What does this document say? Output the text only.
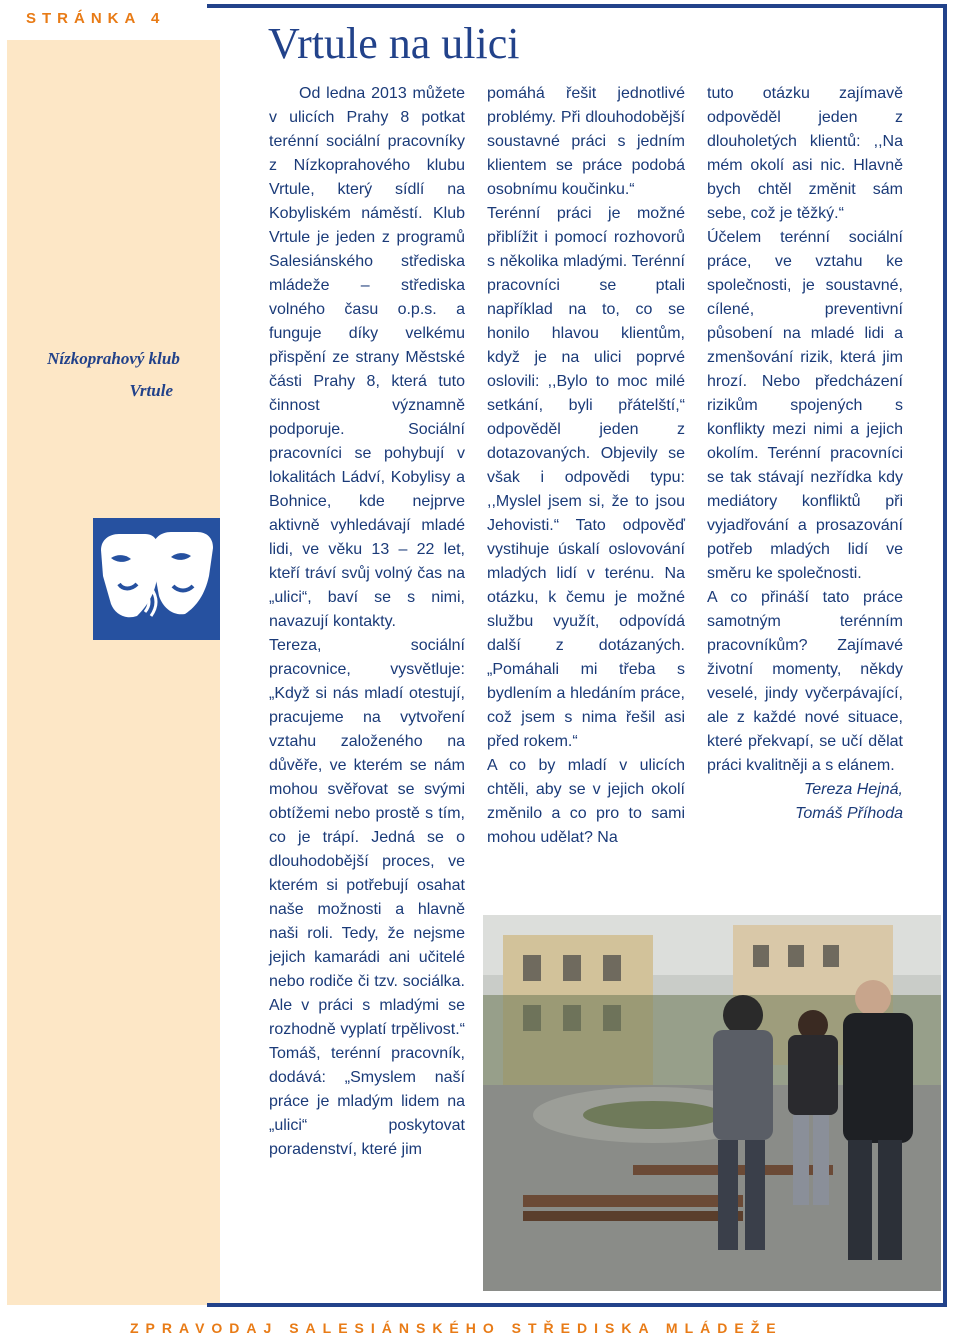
STRÁNKA 4
Nízkoprahový klub
Vrtule
Vrtule na ulici

Od ledna 2013 můžete v ulicích Prahy 8 potkat terénní sociální pracovníky z Nízkoprahového klubu Vrtule, který sídlí na Kobyliském náměstí. Klub Vrtule je jeden z programů Salesiánského střediska mládeže – střediska volného času o.p.s. a funguje díky velkému přispění ze strany Městské části Prahy 8, která tuto činnost významně podporuje. Sociální pracovníci se pohybují v lokalitách Ládví, Kobylisy a Bohnice, kde nejprve aktivně vyhledávají mladé lidi, ve věku 13 – 22 let, kteří tráví svůj volný čas na „ulici“, baví se s nimi, navazují kontakty.

Tereza, sociální pracovnice, vysvětluje: „Když si nás mladí otestují, pracujeme na vytvoření vztahu založeného na důvěře, ve kterém se nám mohou svěřovat se svými obtížemi nebo prostě s tím, co je trápí. Jedná se o dlouhodobější proces, ve kterém si potřebují osahat naše možnosti a hlavně naši roli. Tedy, že nejsme jejich kamarádi ani učitelé nebo rodiče či tzv. sociálka. Ale v práci s mladými se rozhodně vyplatí trpělivost.“ Tomáš, terénní pracovník, dodává: „Smyslem naší práce je mladým lidem na „ulici“ poskytovat poradenství, které jim

pomáhá řešit jednotlivé problémy. Při dlouhodobější soustavné práci s jedním klientem se práce podobá osobnímu koučinku.“

Terénní práci je možné přiblížit i pomocí rozhovorů s několika mladými. Terénní pracovníci se ptali například na to, co se honilo hlavou klientům, když je na ulici poprvé oslovili: ,,Bylo to moc milé setkání, byli přátelští,“ odpověděl jeden z dotazovaných. Objevily se však i odpovědi typu: ,,Myslel jsem si, že to jsou Jehovisti.“ Tato odpověď vystihuje úskalí oslovování mladých lidí v terénu. Na otázku, k čemu je možné službu využít, odpovídá další z dotázaných. „Pomáhali mi třeba s bydlením a hledáním práce, což jsem s nima řešil asi před rokem.“

A co by mladí v ulicích chtěli, aby se v jejich okolí změnilo a co pro to sami mohou udělat? Na

tuto otázku zajímavě odpověděl jeden z dlouholetých klientů: ,,Na mém okolí asi nic. Hlavně bych chtěl změnit sám sebe, což je těžký.“

Účelem terénní sociální práce, ve vztahu ke společnosti, je soustavné, cílené, preventivní působení na mladé lidi a zmenšování rizik, která jim hrozí. Nebo předcházení rizikům spojených s konflikty mezi nimi a jejich okolím. Terénní pracovníci se tak stávají nezřídka kdy mediátory konfliktů při vyjadřování a prosazování potřeb mladých lidí ve směru ke společnosti.

A co přináší tato práce samotným terénním pracovníkům? Zajímavé životní momenty, někdy veselé, jindy vyčerpávající, ale z každé nové situace, které překvapí, se učí dělat práci kvalitněji a s elánem.

Tereza Hejná,

Tomáš Příhoda

ZPRAVODAJ SALESIÁNSKÉHO STŘEDISKA MLÁDEŽE
